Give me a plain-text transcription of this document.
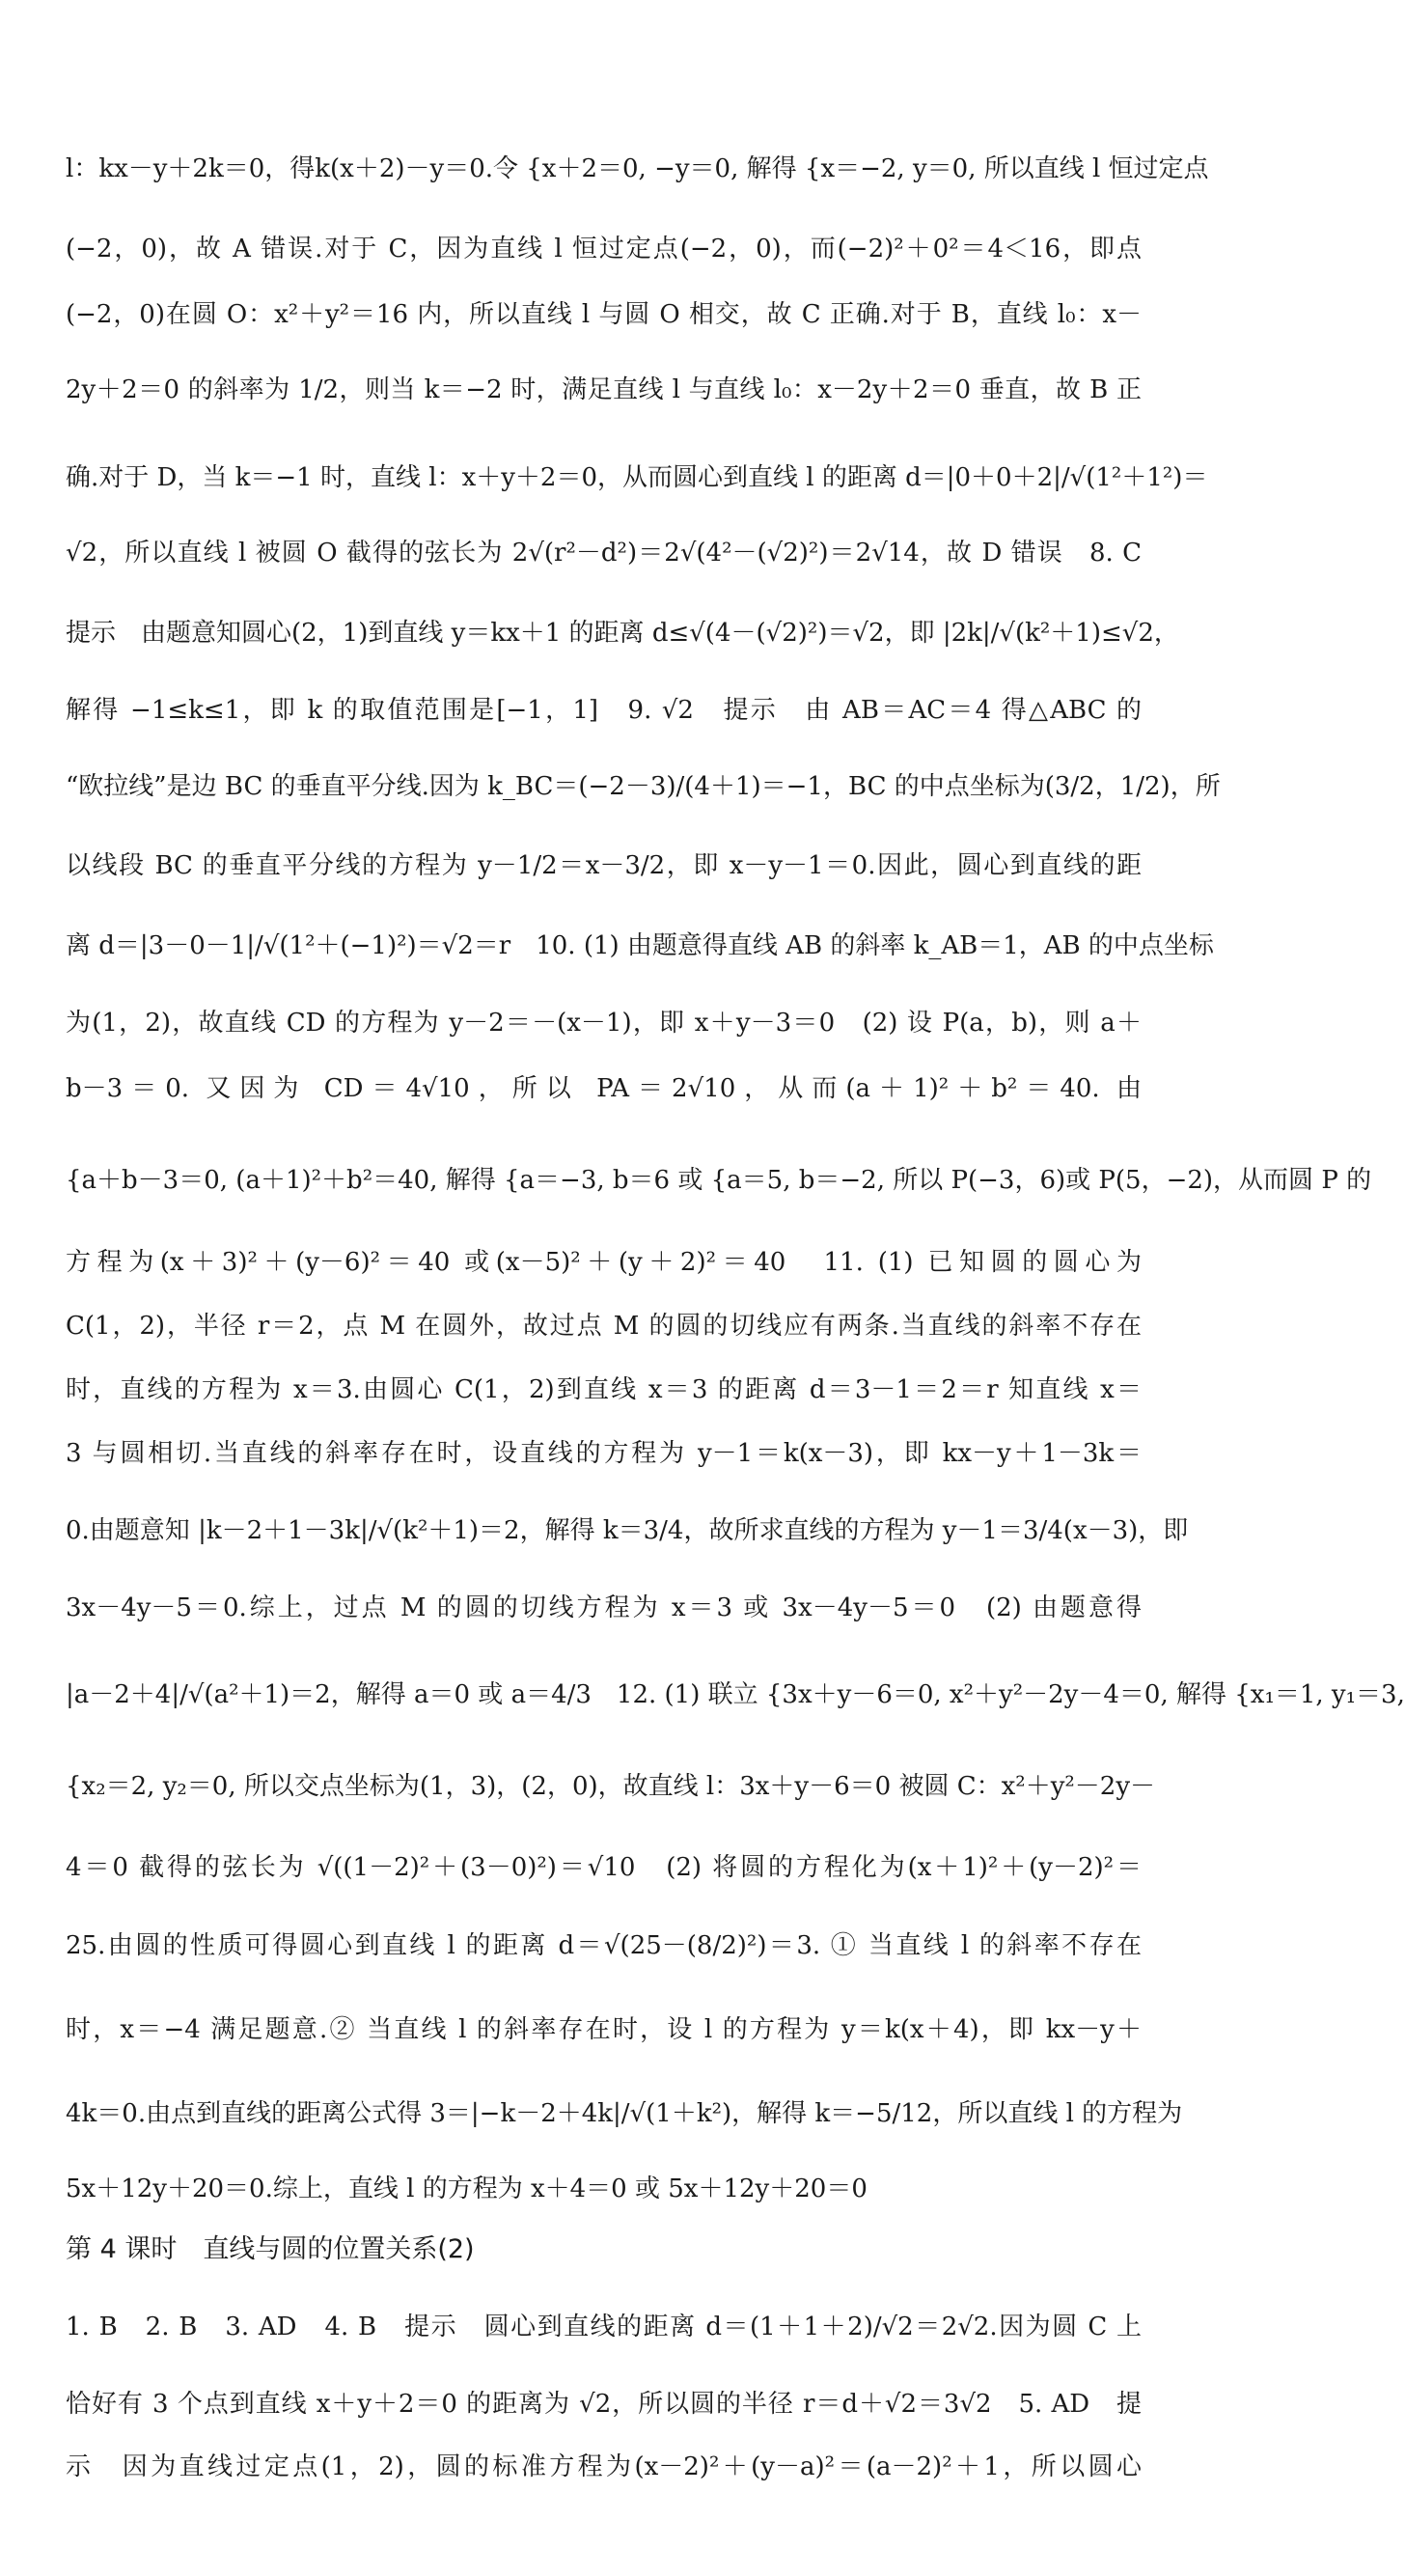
l：kx－y＋2k＝0，得k(x＋2)－y＝0.令 {x＋2＝0, −y＝0, 解得 {x＝−2, y＝0, 所以直线 l 恒过定点
(−2，0)，故 A 错误.对于 C，因为直线 l 恒过定点(−2，0)，而(−2)²＋0²＝4＜16，即点
(−2，0)在圆 O：x²＋y²＝16 内，所以直线 l 与圆 O 相交，故 C 正确.对于 B，直线 l₀：x－
2y＋2＝0 的斜率为 1/2，则当 k＝−2 时，满足直线 l 与直线 l₀：x－2y＋2＝0 垂直，故 B 正
确.对于 D，当 k＝−1 时，直线 l：x＋y＋2＝0，从而圆心到直线 l 的距离 d＝|0＋0＋2|/√(1²＋1²)＝
√2，所以直线 l 被圆 O 截得的弦长为 2√(r²－d²)＝2√(4²－(√2)²)＝2√14，故 D 错误　8. C
提示　由题意知圆心(2，1)到直线 y＝kx＋1 的距离 d≤√(4－(√2)²)＝√2，即 |2k|/√(k²＋1)≤√2，
解得 −1≤k≤1，即 k 的取值范围是[−1，1]　9. √2　提示　由 AB＝AC＝4 得△ABC 的
“欧拉线”是边 BC 的垂直平分线.因为 k_BC＝(−2－3)/(4＋1)＝−1，BC 的中点坐标为(3/2，1/2)，所
以线段 BC 的垂直平分线的方程为 y－1/2＝x－3/2，即 x－y－1＝0.因此，圆心到直线的距
离 d＝|3－0－1|/√(1²＋(−1)²)＝√2＝r　10. (1) 由题意得直线 AB 的斜率 k_AB＝1，AB 的中点坐标
为(1，2)，故直线 CD 的方程为 y－2＝－(x－1)，即 x＋y－3＝0　(2) 设 P(a，b)，则 a＋
b－3＝0. 又因为 CD＝4√10，所以 PA＝2√10，从而(a＋1)²＋b²＝40. 由
{a＋b－3＝0, (a＋1)²＋b²＝40, 解得 {a＝−3, b＝6 或 {a＝5, b＝−2, 所以 P(−3，6)或 P(5，−2)，从而圆 P 的
方程为(x＋3)²＋(y－6)²＝40 或(x－5)²＋(y＋2)²＝40　11. (1) 已知圆的圆心为
C(1，2)，半径 r＝2，点 M 在圆外，故过点 M 的圆的切线应有两条.当直线的斜率不存在
时，直线的方程为 x＝3.由圆心 C(1，2)到直线 x＝3 的距离 d＝3－1＝2＝r 知直线 x＝
3 与圆相切.当直线的斜率存在时，设直线的方程为 y－1＝k(x－3)，即 kx－y＋1－3k＝
0.由题意知 |k－2＋1－3k|/√(k²＋1)＝2，解得 k＝3/4，故所求直线的方程为 y－1＝3/4(x－3)，即
3x－4y－5＝0.综上，过点 M 的圆的切线方程为 x＝3 或 3x－4y－5＝0　(2) 由题意得
|a－2＋4|/√(a²＋1)＝2，解得 a＝0 或 a＝4/3　12. (1) 联立 {3x＋y－6＝0, x²＋y²－2y－4＝0, 解得 {x₁＝1, y₁＝3,
{x₂＝2, y₂＝0, 所以交点坐标为(1，3)，(2，0)，故直线 l：3x＋y－6＝0 被圆 C：x²＋y²－2y－
4＝0 截得的弦长为 √((1－2)²＋(3－0)²)＝√10　(2) 将圆的方程化为(x＋1)²＋(y－2)²＝
25.由圆的性质可得圆心到直线 l 的距离 d＝√(25－(8/2)²)＝3. ① 当直线 l 的斜率不存在
时，x＝−4 满足题意.② 当直线 l 的斜率存在时，设 l 的方程为 y＝k(x＋4)，即 kx－y＋
4k＝0.由点到直线的距离公式得 3＝|−k－2＋4k|/√(1＋k²)，解得 k＝−5/12，所以直线 l 的方程为
5x＋12y＋20＝0.综上，直线 l 的方程为 x＋4＝0 或 5x＋12y＋20＝0
第 4 课时　直线与圆的位置关系(2)
1. B　2. B　3. AD　4. B　提示　圆心到直线的距离 d＝(1＋1＋2)/√2＝2√2.因为圆 C 上
恰好有 3 个点到直线 x＋y＋2＝0 的距离为 √2，所以圆的半径 r＝d＋√2＝3√2　5. AD　提
示　因为直线过定点(1，2)，圆的标准方程为(x－2)²＋(y－a)²＝(a－2)²＋1，所以圆心
